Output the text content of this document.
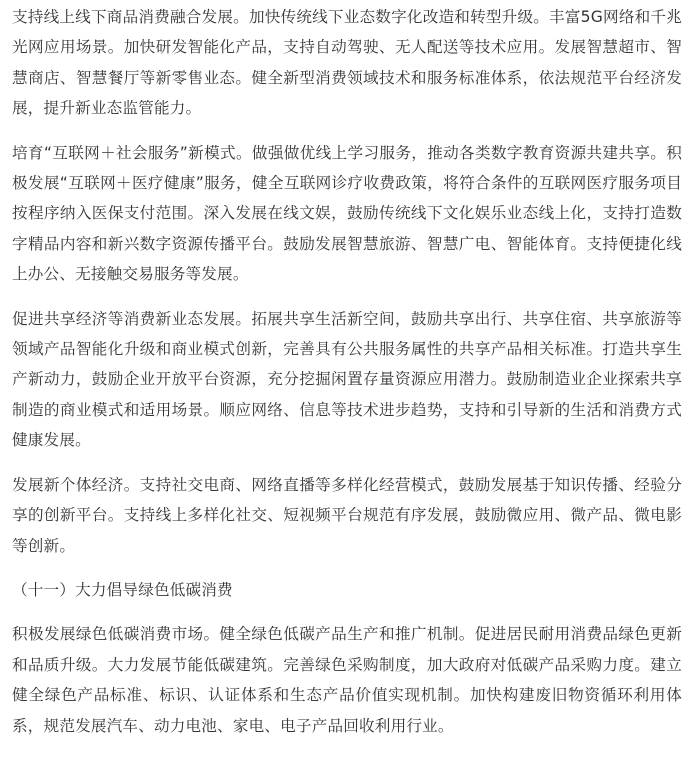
支持线上线下商品消费融合发展。加快传统线下业态数字化改造和转型升级。丰富5G网络和千兆光网应用场景。加快研发智能化产品，支持自动驾驶、无人配送等技术应用。发展智慧超市、智慧商店、智慧餐厅等新零售业态。健全新型消费领域技术和服务标准体系，依法规范平台经济发展，提升新业态监管能力。

培育“互联网＋社会服务”新模式。做强做优线上学习服务，推动各类数字教育资源共建共享。积极发展“互联网＋医疗健康”服务，健全互联网诊疗收费政策，将符合条件的互联网医疗服务项目按程序纳入医保支付范围。深入发展在线文娱，鼓励传统线下文化娱乐业态线上化，支持打造数字精品内容和新兴数字资源传播平台。鼓励发展智慧旅游、智慧广电、智能体育。支持便捷化线上办公、无接触交易服务等发展。

促进共享经济等消费新业态发展。拓展共享生活新空间，鼓励共享出行、共享住宿、共享旅游等领域产品智能化升级和商业模式创新，完善具有公共服务属性的共享产品相关标准。打造共享生产新动力，鼓励企业开放平台资源，充分挖掘闲置存量资源应用潜力。鼓励制造业企业探索共享制造的商业模式和适用场景。顺应网络、信息等技术进步趋势，支持和引导新的生活和消费方式健康发展。

发展新个体经济。支持社交电商、网络直播等多样化经营模式，鼓励发展基于知识传播、经验分享的创新平台。支持线上多样化社交、短视频平台规范有序发展，鼓励微应用、微产品、微电影等创新。

（十一）大力倡导绿色低碳消费

积极发展绿色低碳消费市场。健全绿色低碳产品生产和推广机制。促进居民耐用消费品绿色更新和品质升级。大力发展节能低碳建筑。完善绿色采购制度，加大政府对低碳产品采购力度。建立健全绿色产品标准、标识、认证体系和生态产品价值实现机制。加快构建废旧物资循环利用体系，规范发展汽车、动力电池、家电、电子产品回收利用行业。
